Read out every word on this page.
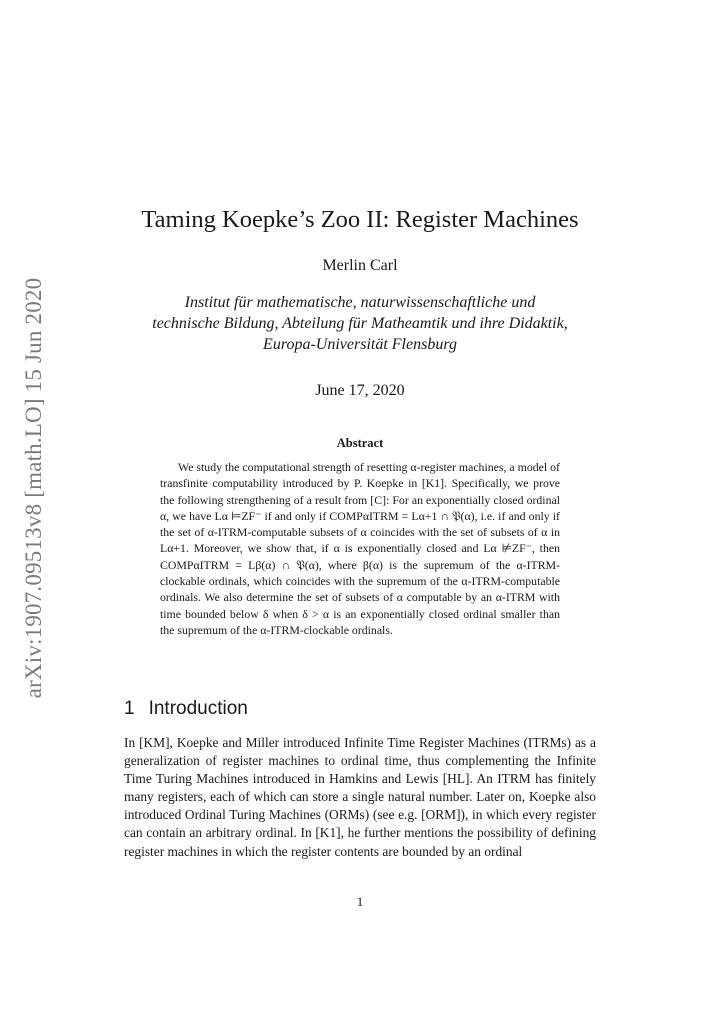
arXiv:1907.09513v8 [math.LO] 15 Jun 2020
Taming Koepke’s Zoo II: Register Machines
Merlin Carl
Institut für mathematische, naturwissenschaftliche und
technische Bildung, Abteilung für Matheamtik und ihre Didaktik,
Europa-Universität Flensburg
June 17, 2020
Abstract
We study the computational strength of resetting α-register machines, a model of transfinite computability introduced by P. Koepke in [K1]. Specifically, we prove the following strengthening of a result from [C]: For an exponentially closed ordinal α, we have Lα ⊨ZF⁻ if and only if COMPαITRM = Lα+1 ∩ 𝔓(α), i.e. if and only if the set of α-ITRM-computable subsets of α coincides with the set of subsets of α in Lα+1. Moreover, we show that, if α is exponentially closed and Lα ⊭ZF⁻, then COMPαITRM = Lβ(α) ∩ 𝔓(α), where β(α) is the supremum of the α-ITRM-clockable ordinals, which coincides with the supremum of the α-ITRM-computable ordinals. We also determine the set of subsets of α computable by an α-ITRM with time bounded below δ when δ > α is an exponentially closed ordinal smaller than the supremum of the α-ITRM-clockable ordinals.
1 Introduction
In [KM], Koepke and Miller introduced Infinite Time Register Machines (ITRMs) as a generalization of register machines to ordinal time, thus complementing the Infinite Time Turing Machines introduced in Hamkins and Lewis [HL]. An ITRM has finitely many registers, each of which can store a single natural number. Later on, Koepke also introduced Ordinal Turing Machines (ORMs) (see e.g. [ORM]), in which every register can contain an arbitrary ordinal. In [K1], he further mentions the possibility of defining register machines in which the register contents are bounded by an ordinal
1
